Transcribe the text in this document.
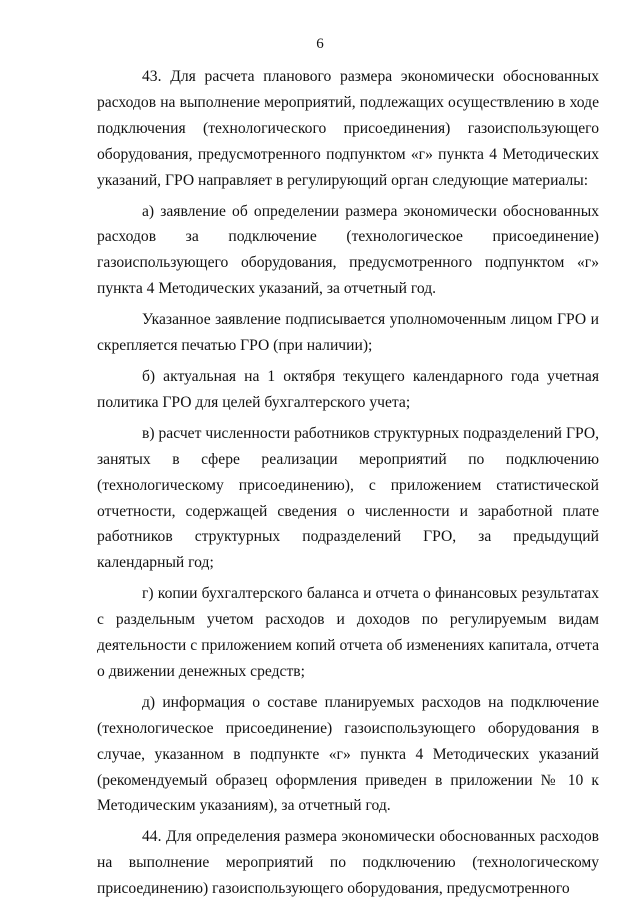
6

43. Для расчета планового размера экономически обоснованных расходов на выполнение мероприятий, подлежащих осуществлению в ходе подключения (технологического присоединения) газоиспользующего оборудования, предусмотренного подпунктом «г» пункта 4 Методических указаний, ГРО направляет в регулирующий орган следующие материалы:

а) заявление об определении размера экономически обоснованных расходов за подключение (технологическое присоединение) газоиспользующего оборудования, предусмотренного подпунктом «г» пункта 4 Методических указаний, за отчетный год.

Указанное заявление подписывается уполномоченным лицом ГРО и скрепляется печатью ГРО (при наличии);

б) актуальная на 1 октября текущего календарного года учетная политика ГРО для целей бухгалтерского учета;

в) расчет численности работников структурных подразделений ГРО, занятых в сфере реализации мероприятий по подключению (технологическому присоединению), с приложением статистической отчетности, содержащей сведения о численности и заработной плате работников структурных подразделений ГРО, за предыдущий календарный год;

г) копии бухгалтерского баланса и отчета о финансовых результатах с раздельным учетом расходов и доходов по регулируемым видам деятельности с приложением копий отчета об изменениях капитала, отчета о движении денежных средств;

д) информация о составе планируемых расходов на подключение (технологическое присоединение) газоиспользующего оборудования в случае, указанном в подпункте «г» пункта 4 Методических указаний (рекомендуемый образец оформления приведен в приложении № 10 к Методическим указаниям), за отчетный год.

44. Для определения размера экономически обоснованных расходов на выполнение мероприятий по подключению (технологическому присоединению) газоиспользующего оборудования, предусмотренного
